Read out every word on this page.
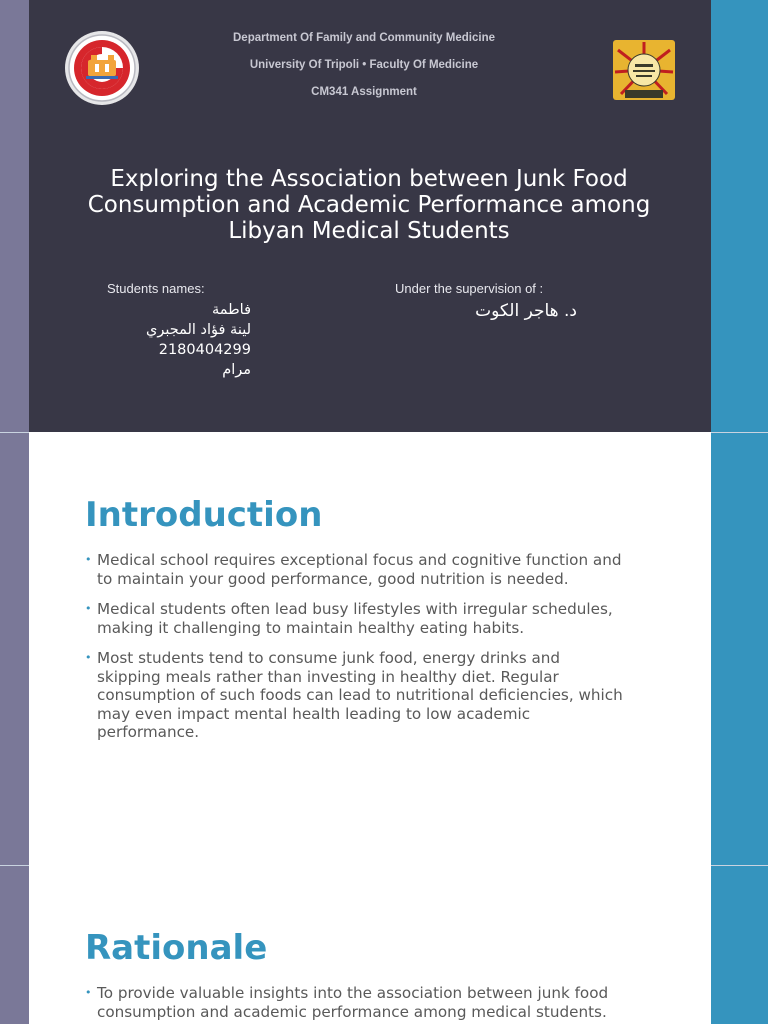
Department Of Family and Community Medicine
University Of Tripoli • Faculty Of Medicine
CM341 Assignment
Exploring the Association between Junk Food Consumption and Academic Performance among Libyan Medical Students
Students names:
فاطمة
لينة فؤاد المجبري
2180404299
مرام
Under the supervision of :
د. هاجر الكوت
Introduction
• Medical school requires exceptional focus and cognitive function and to maintain your good performance, good nutrition is needed.
• Medical students often lead busy lifestyles with irregular schedules, making it challenging to maintain healthy eating habits.
• Most students tend to consume junk food, energy drinks and skipping meals rather than investing in healthy diet. Regular consumption of such foods can lead to nutritional deficiencies, which may even impact mental health leading to low academic performance.
Rationale
• To provide valuable insights into the association between junk food consumption and academic performance among medical students.
